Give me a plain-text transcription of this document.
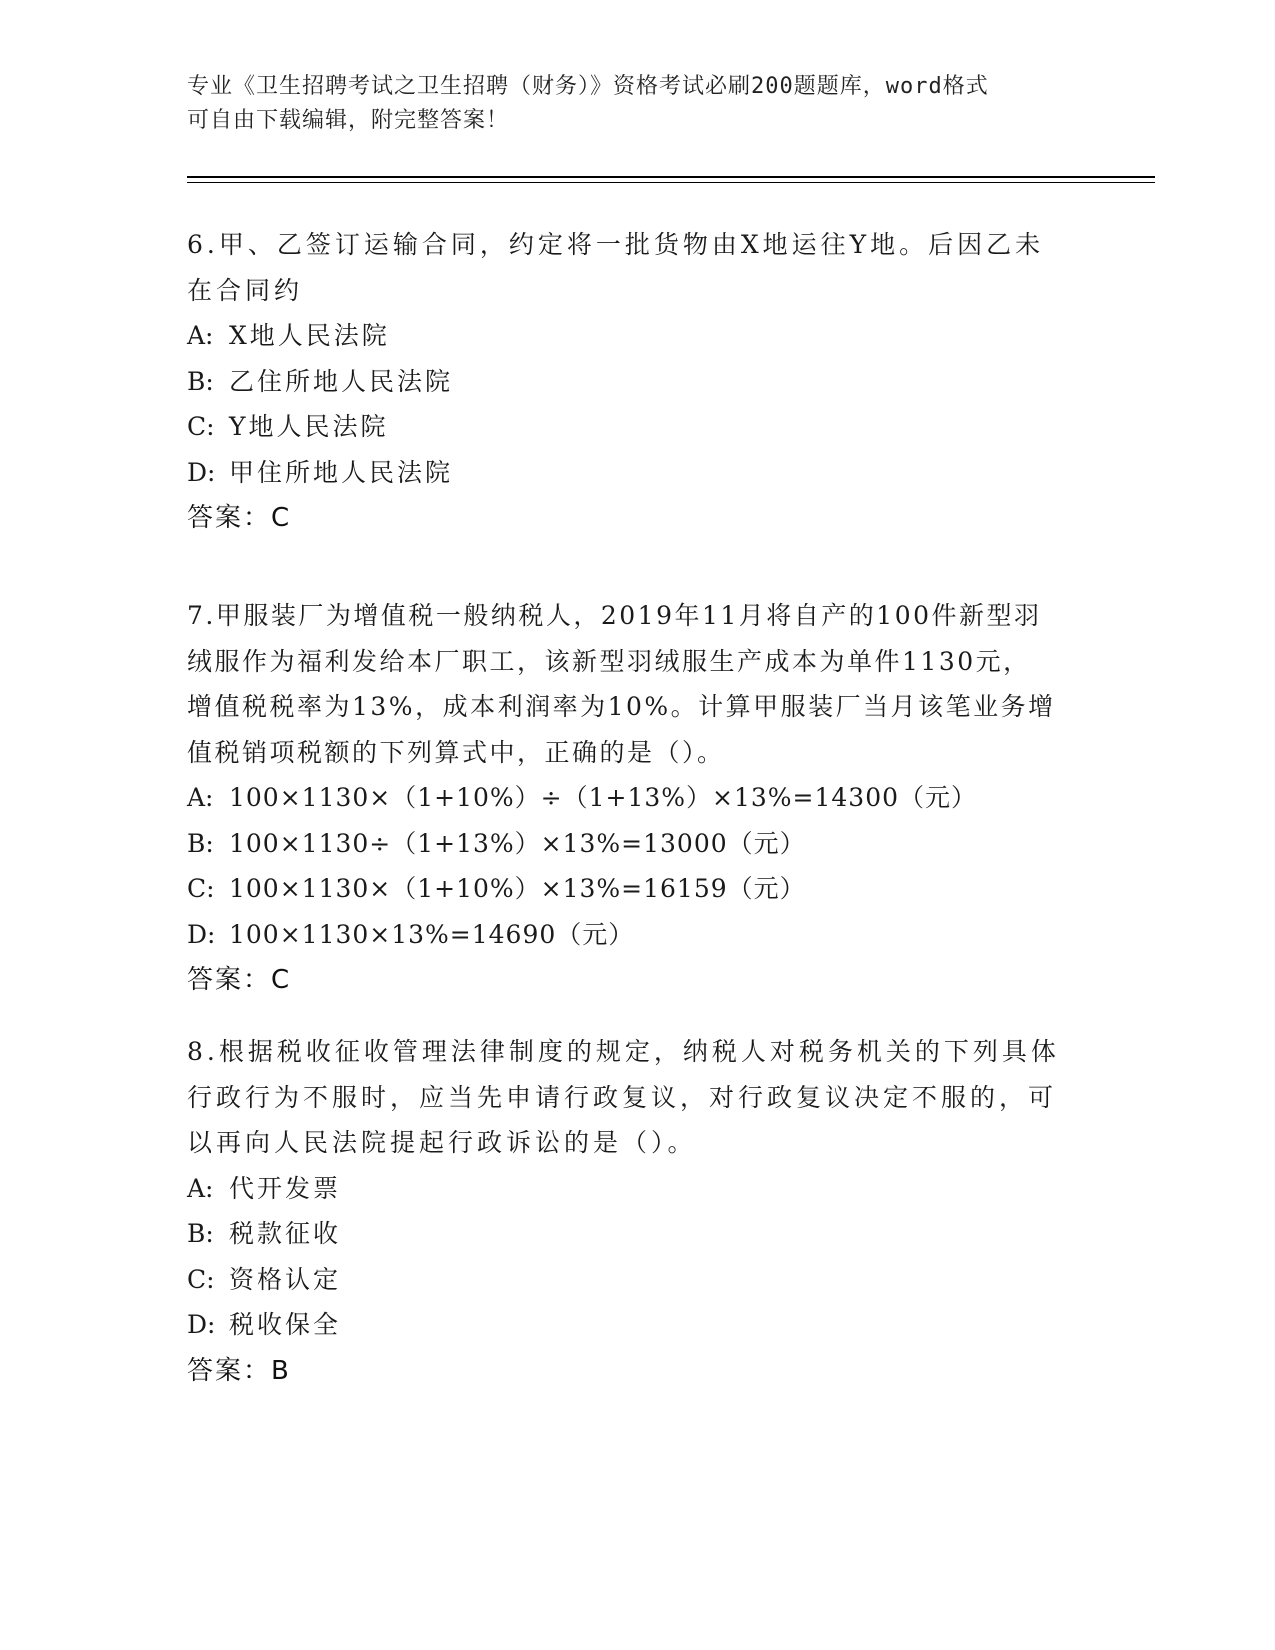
专业《卫生招聘考试之卫生招聘（财务）》资格考试必刷200题题库，word格式
可自由下载编辑，附完整答案！
6.甲、乙签订运输合同，约定将一批货物由X地运往Y地。后因乙未
在合同约
A: X地人民法院
B: 乙住所地人民法院
C: Y地人民法院
D: 甲住所地人民法院
答案：C
7.甲服装厂为增值税一般纳税人，2019年11月将自产的100件新型羽
绒服作为福利发给本厂职工，该新型羽绒服生产成本为单件1130元，
增值税税率为13%，成本利润率为10%。计算甲服装厂当月该笔业务增
值税销项税额的下列算式中，正确的是（）。
A: 100×1130×（1+10%）÷（1+13%）×13%=14300（元）
B: 100×1130÷（1+13%）×13%=13000（元）
C: 100×1130×（1+10%）×13%=16159（元）
D: 100×1130×13%=14690（元）
答案：C
8.根据税收征收管理法律制度的规定，纳税人对税务机关的下列具体
行政行为不服时，应当先申请行政复议，对行政复议决定不服的，可
以再向人民法院提起行政诉讼的是（）。
A: 代开发票
B: 税款征收
C: 资格认定
D: 税收保全
答案：B
